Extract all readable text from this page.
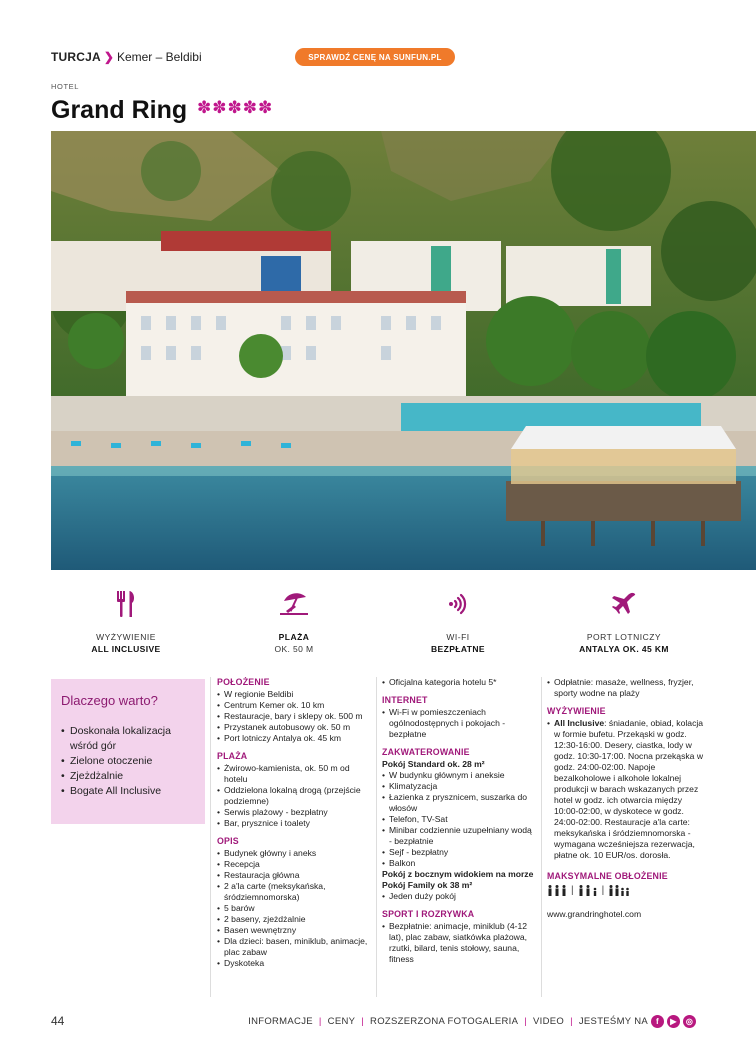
TURCJA ❯ Kemer – Beldibi	SPRAWDŹ CENĘ NA SUNFUN.PL
HOTEL
Grand Ring ✽✽✽✽✽
WYŻYWIENIE
ALL INCLUSIVE
PLAŻA
OK. 50 M
WI-FI
BEZPŁATNE
PORT LOTNICZY
ANTALYA OK. 45 KM
Dlaczego warto?
• Doskonała lokalizacja wśród gór
• Zielone otoczenie
• Zjeżdżalnie
• Bogate All Inclusive
POŁOŻENIE
• W regionie Beldibi
• Centrum Kemer ok. 10 km
• Restauracje, bary i sklepy ok. 500 m
• Przystanek autobusowy ok. 50 m
• Port lotniczy Antalya ok. 45 km
PLAŻA
• Żwirowo-kamienista, ok. 50 m od hotelu
• Oddzielona lokalną drogą (przejście podziemne)
• Serwis plażowy - bezpłatny
• Bar, prysznice i toalety
OPIS
• Budynek główny i aneks
• Recepcja
• Restauracja główna
• 2 a'la carte (meksykańska, śródziemnomorska)
• 5 barów
• 2 baseny, zjeżdżalnie
• Basen wewnętrzny
• Dla dzieci: basen, miniklub, animacje, plac zabaw
• Dyskoteka
• Oficjalna kategoria hotelu 5*
INTERNET
• Wi-Fi w pomieszczeniach ogólnodostępnych i pokojach - bezpłatne
ZAKWATEROWANIE
Pokój Standard ok. 28 m²
• W budynku głównym i aneksie
• Klimatyzacja
• Łazienka z prysznicem, suszarka do włosów
• Telefon, TV-Sat
• Minibar codziennie uzupełniany wodą - bezpłatnie
• Sejf - bezpłatny
• Balkon
Pokój z bocznym widokiem na morze
Pokój Family ok 38 m²
• Jeden duży pokój
SPORT I ROZRYWKA
• Bezpłatnie: animacje, miniklub (4-12 lat), plac zabaw, siatkówka plażowa, rzutki, bilard, tenis stołowy, sauna, fitness
• Odpłatnie: masaże, wellness, fryzjer, sporty wodne na plaży
WYŻYWIENIE
• All Inclusive: śniadanie, obiad, kolacja w formie bufetu. Przekąski w godz. 12:30-16:00. Desery, ciastka, lody w godz. 10:30-17:00. Nocna przekąska w godz. 24:00-02:00. Napoje bezalkoholowe i alkohole lokalnej produkcji w barach wskazanych przez hotel w godz. ich otwarcia między 10:00-02:00, w dyskotece w godz. 24:00-02:00. Restauracje a'la carte: meksykańska i śródziemnomorska - wymagana wcześniejsza rezerwacja, płatne ok. 10 EUR/os. dorosła.
MAKSYMALNE OBŁOŻENIE
|	|
www.grandringhotel.com
44	INFORMACJE | CENY | ROZSZERZONA FOTOGALERIA | VIDEO | JESTEŚMY NA	f	▶	◎
